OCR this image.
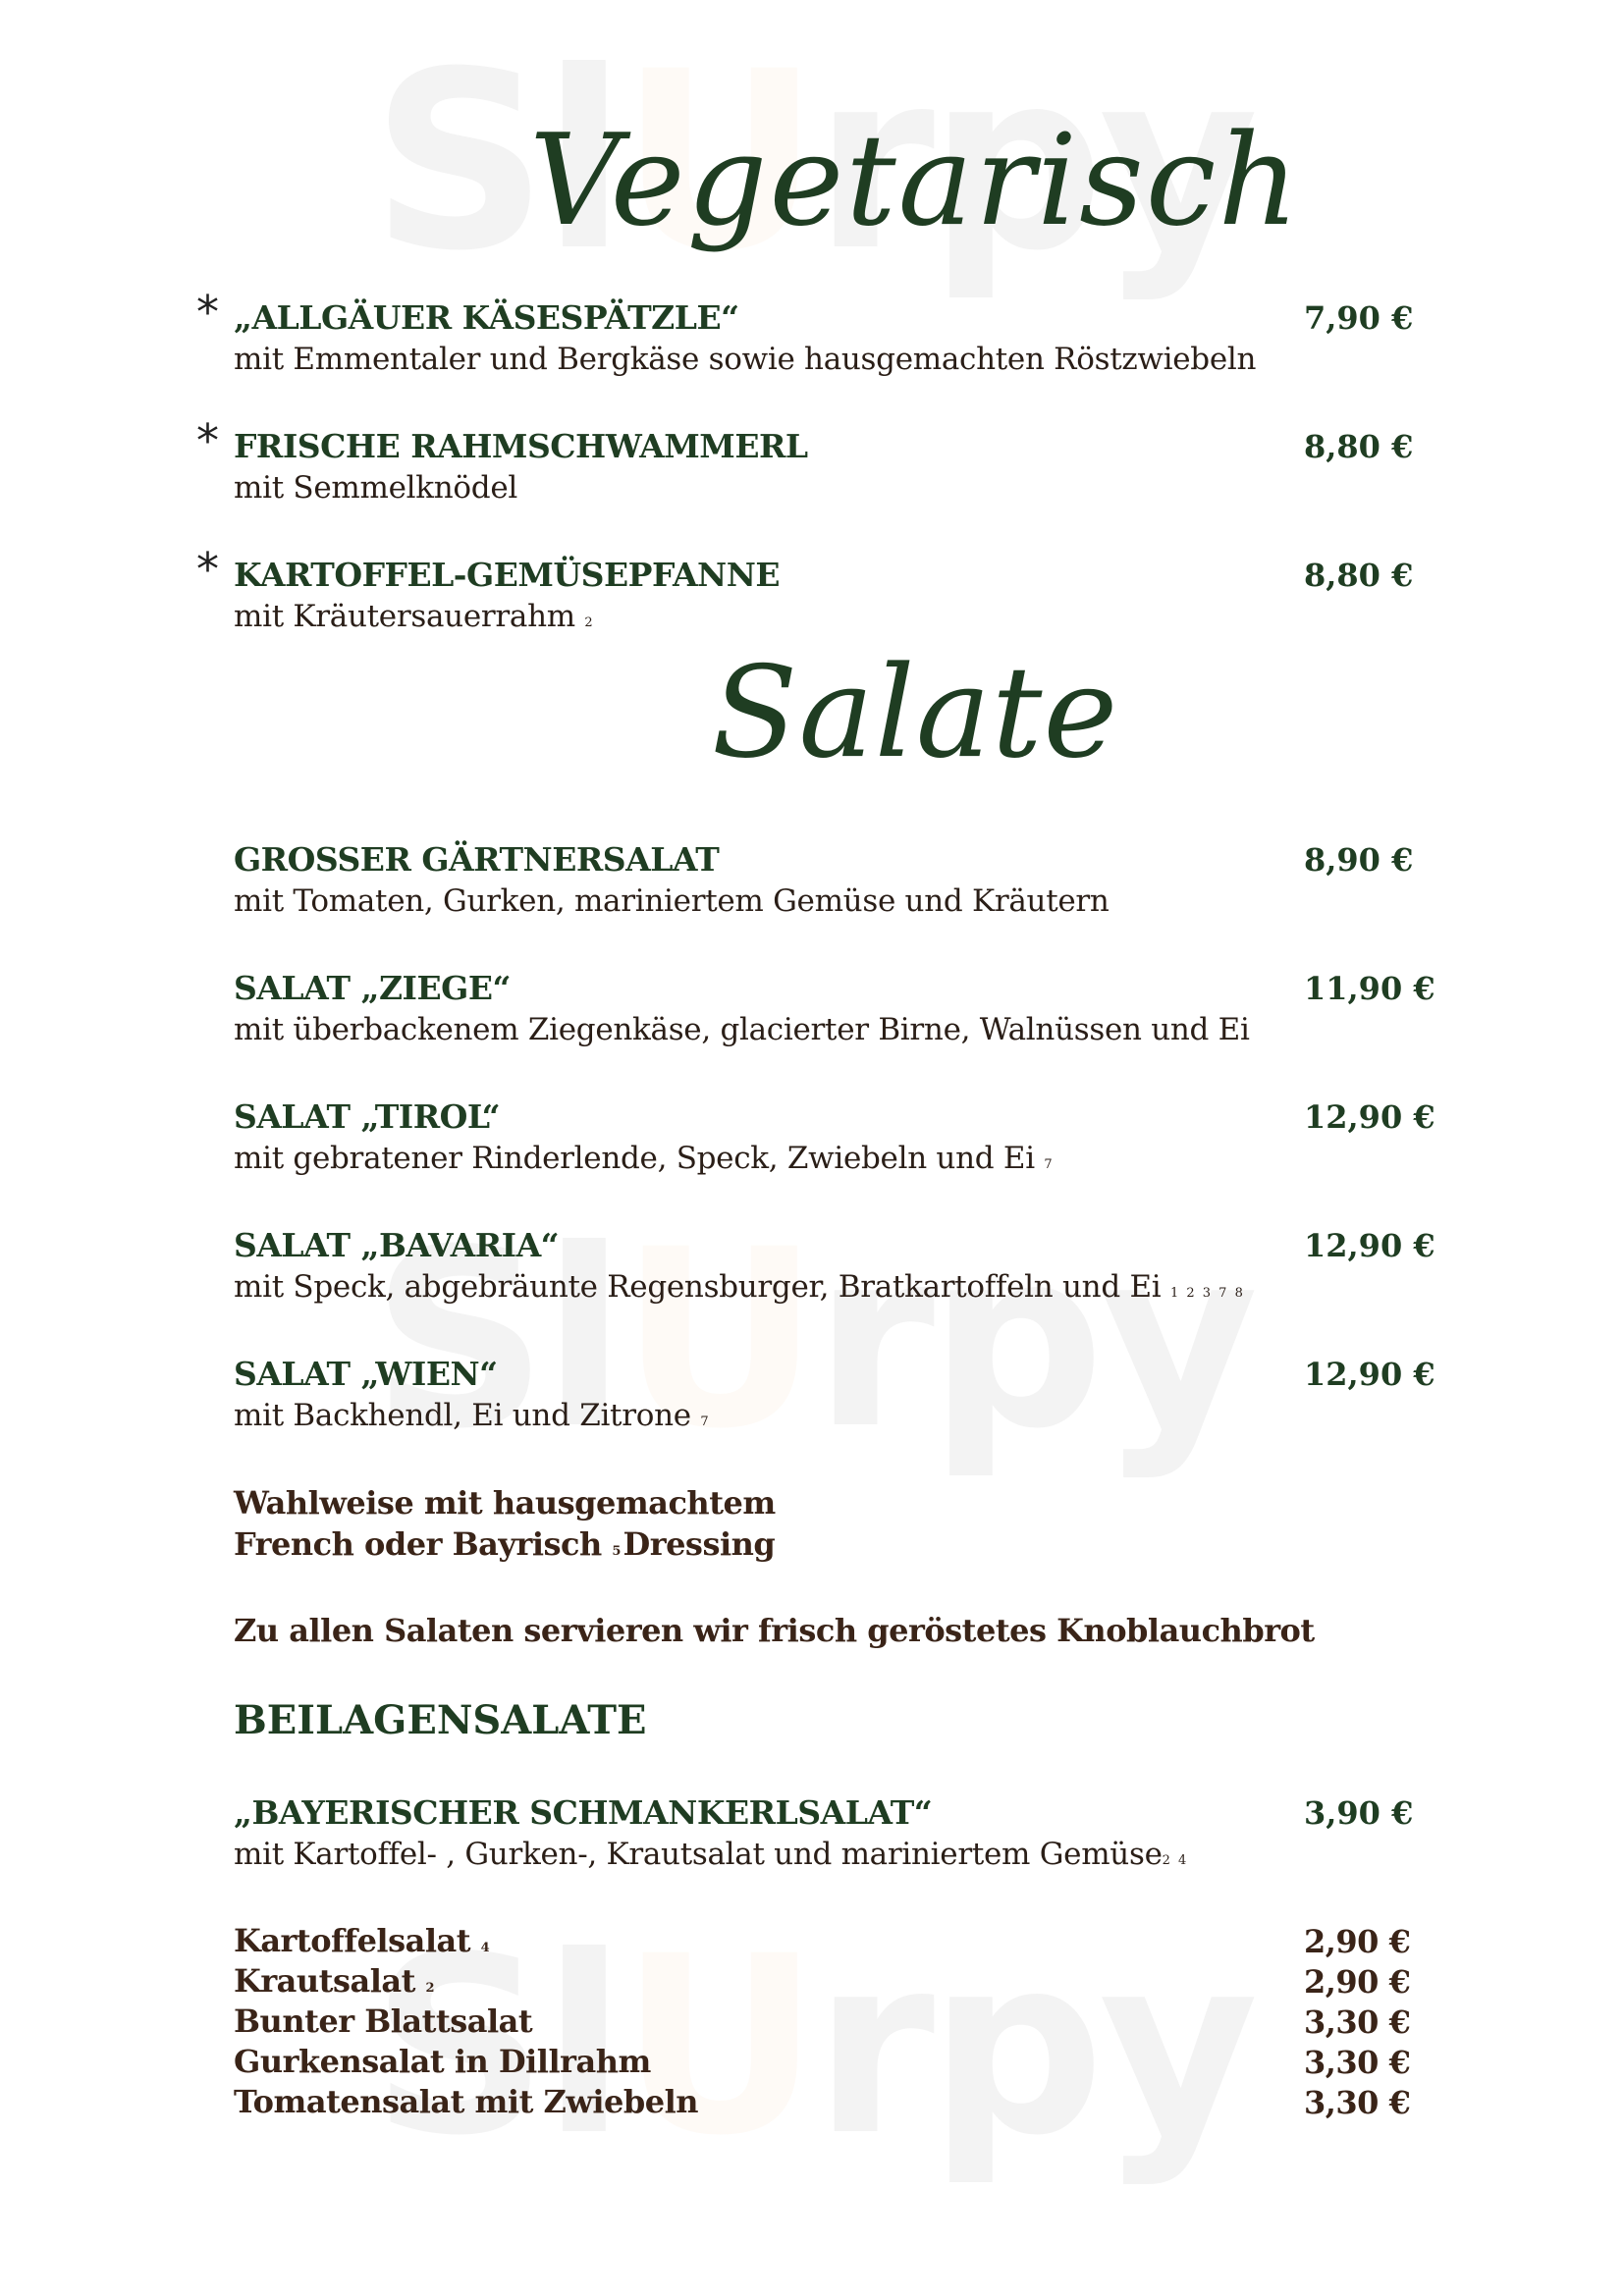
Vegetarisch
* „ALLGÄUER KÄSESPÄTZLE“
mit Emmentaler und Bergkäse sowie hausgemachten Röstzwiebeln
7,90 €
* FRISCHE RAHMSCHWAMMERL
mit Semmelknödel
8,80 €
* KARTOFFEL-GEMÜSEPFANNE
mit Kräutersauerrahm 2
8,80 €
Salate
GROSSER GÄRTNERSALAT
mit Tomaten, Gurken, mariniertem Gemüse und Kräutern
8,90 €
SALAT „ZIEGE“
mit überbackenem Ziegenkäse, glacierter Birne, Walnüssen und Ei
11,90 €
SALAT „TIROL“
mit gebratener Rinderlende, Speck, Zwiebeln und Ei 7
12,90 €
SALAT „BAVARIA“
mit Speck, abgebräunte Regensburger, Bratkartoffeln und Ei 1 2 3 7 8
12,90 €
SALAT „WIEN“
mit Backhendl, Ei und Zitrone 7
12,90 €
Wahlweise mit hausgemachtem
French oder Bayrisch 5Dressing
Zu allen Salaten servieren wir frisch geröstetes Knoblauchbrot
BEILAGENSALATE
„BAYERISCHER SCHMANKERLSALAT“
mit Kartoffel- , Gurken-, Krautsalat und mariniertem Gemüse2 4
3,90 €
Kartoffelsalat 4	2,90 €
Krautsalat 2	2,90 €
Bunter Blattsalat	3,30 €
Gurkensalat in Dillrahm	3,30 €
Tomatensalat mit Zwiebeln	3,30 €
